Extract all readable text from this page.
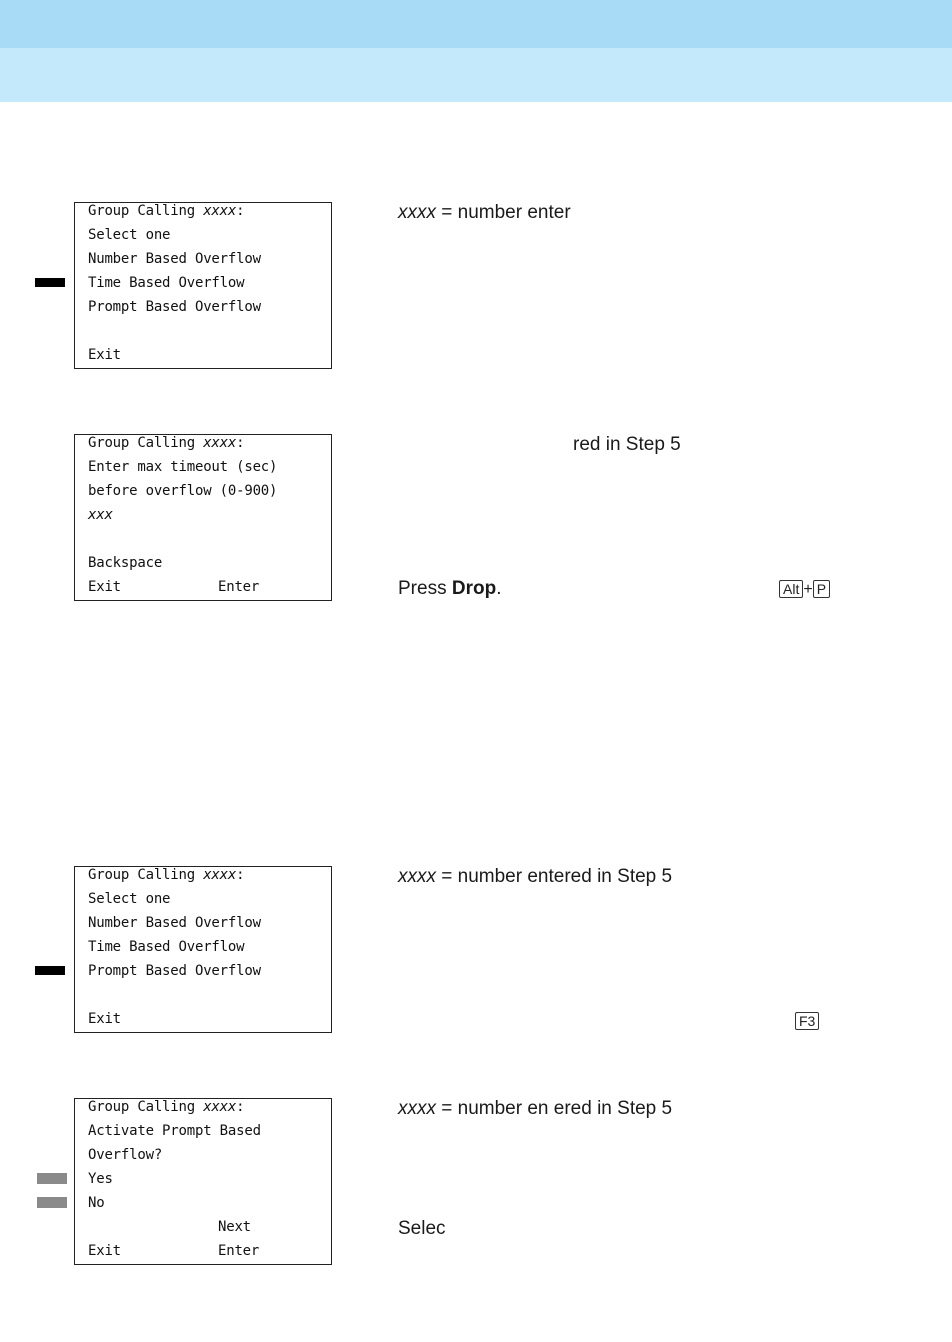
Group Calling xxxx:
Select one
Number Based Overflow
Time Based Overflow
Prompt Based Overflow
Exit
Group Calling xxxx:
Enter max timeout (sec)
before overflow (0-900)
xxx
Backspace
Exit	Enter
Group Calling xxxx:
Select one
Number Based Overflow
Time Based Overflow
Prompt Based Overflow
Exit
Group Calling xxxx:
Activate Prompt Based
Overflow?
Yes
No
Next
Exit	Enter
xxxx = number enter
red in Step 5
Press Drop.	Alt + P
xxxx = number entered in Step 5
F3
xxxx = number en ered in Step 5
Selec
